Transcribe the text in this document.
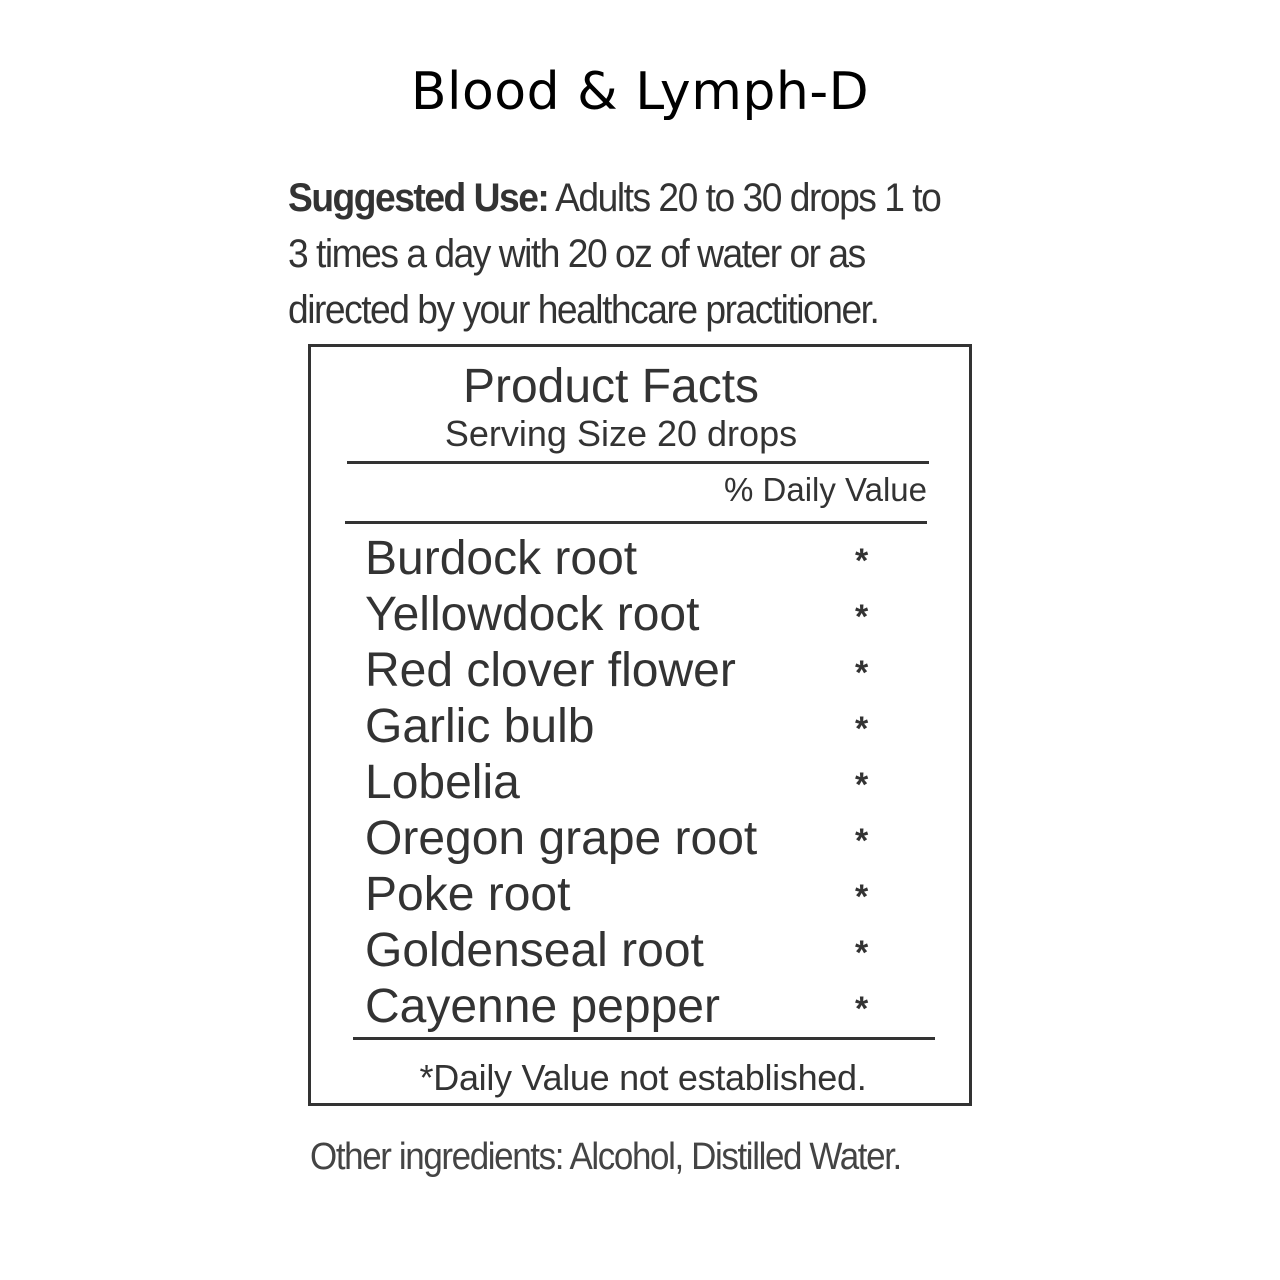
Blood & Lymph-D
Suggested Use: Adults 20 to 30 drops 1 to 3 times a day with 20 oz of water or as directed by your healthcare practitioner.
Product Facts
Serving Size 20 drops
% Daily Value
Burdock root	*
Yellowdock root	*
Red clover flower	*
Garlic bulb	*
Lobelia	*
Oregon grape root	*
Poke root	*
Goldenseal root	*
Cayenne pepper	*
*Daily Value not established.
Other ingredients: Alcohol, Distilled Water.
